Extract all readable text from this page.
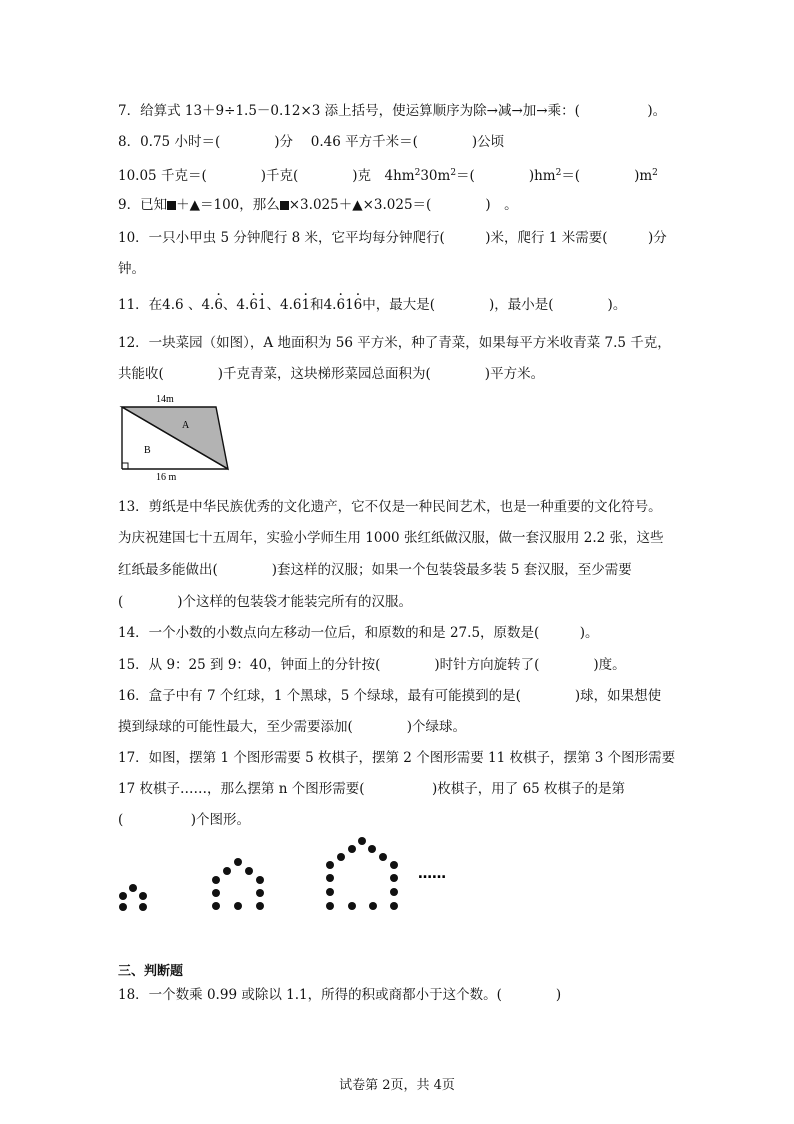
7．给算式 13＋9÷1.5－0.12×3 添上括号，使运算顺序为除→减→加→乘：(　　　　　)。
8．0.75 小时＝(　　　　)分　 0.46 平方千米＝(　　　　)公顷
10.05 千克＝(　　　　)千克(　　　　)克　$4hm^230m^2=$(　　　　)$hm^2=$(　　　　)$m^2$
9．已知 ＋▲＝100，那么 ×3.025＋▲×3.025＝(　　　　)　。
10．一只小甲虫 5 分钟爬行 8 米，它平均每分钟爬行(　　　)米，爬行 1 米需要(　　　)分
钟。
11．在4.6 、4.6 ·、4.6 ·1 ·、4.61 ·和4.6 ·16 ·中，最大是(　　　　)，最小是(　　　　)。
12．一块菜园（如图），A 地面积为 56 平方米，种了青菜，如果每平方米收青菜 7.5 千克，
共能收(　　　　)千克青菜，这块梯形菜园总面积为(　　　　)平方米。
14m
A
B
16 m
13．剪纸是中华民族优秀的文化遗产，它不仅是一种民间艺术，也是一种重要的文化符号。
为庆祝建国七十五周年，实验小学师生用 1000 张红纸做汉服，做一套汉服用 2.2 张，这些
红纸最多能做出(　　　　)套这样的汉服；如果一个包装袋最多装 5 套汉服，至少需要
(　　　　)个这样的包装袋才能装完所有的汉服。
14．一个小数的小数点向左移动一位后，和原数的和是 27.5，原数是(　　　)。
15．从 9：25 到 9：40，钟面上的分针按(　　　　)时针方向旋转了(　　　　)度。
16．盒子中有 7 个红球，1 个黑球，5 个绿球，最有可能摸到的是(　　　　)球，如果想使
摸到绿球的可能性最大，至少需要添加(　　　　)个绿球。
17．如图，摆第 1 个图形需要 5 枚棋子，摆第 2 个图形需要 11 枚棋子，摆第 3 个图形需要
17 枚棋子……，那么摆第 n 个图形需要(　　　　　)枚棋子，用了 65 枚棋子的是第
(　　　　　)个图形。
……
三、判断题
18．一个数乘 0.99 或除以 1.1，所得的积或商都小于这个数。(　　　　)
试卷第 2页，共 4页
